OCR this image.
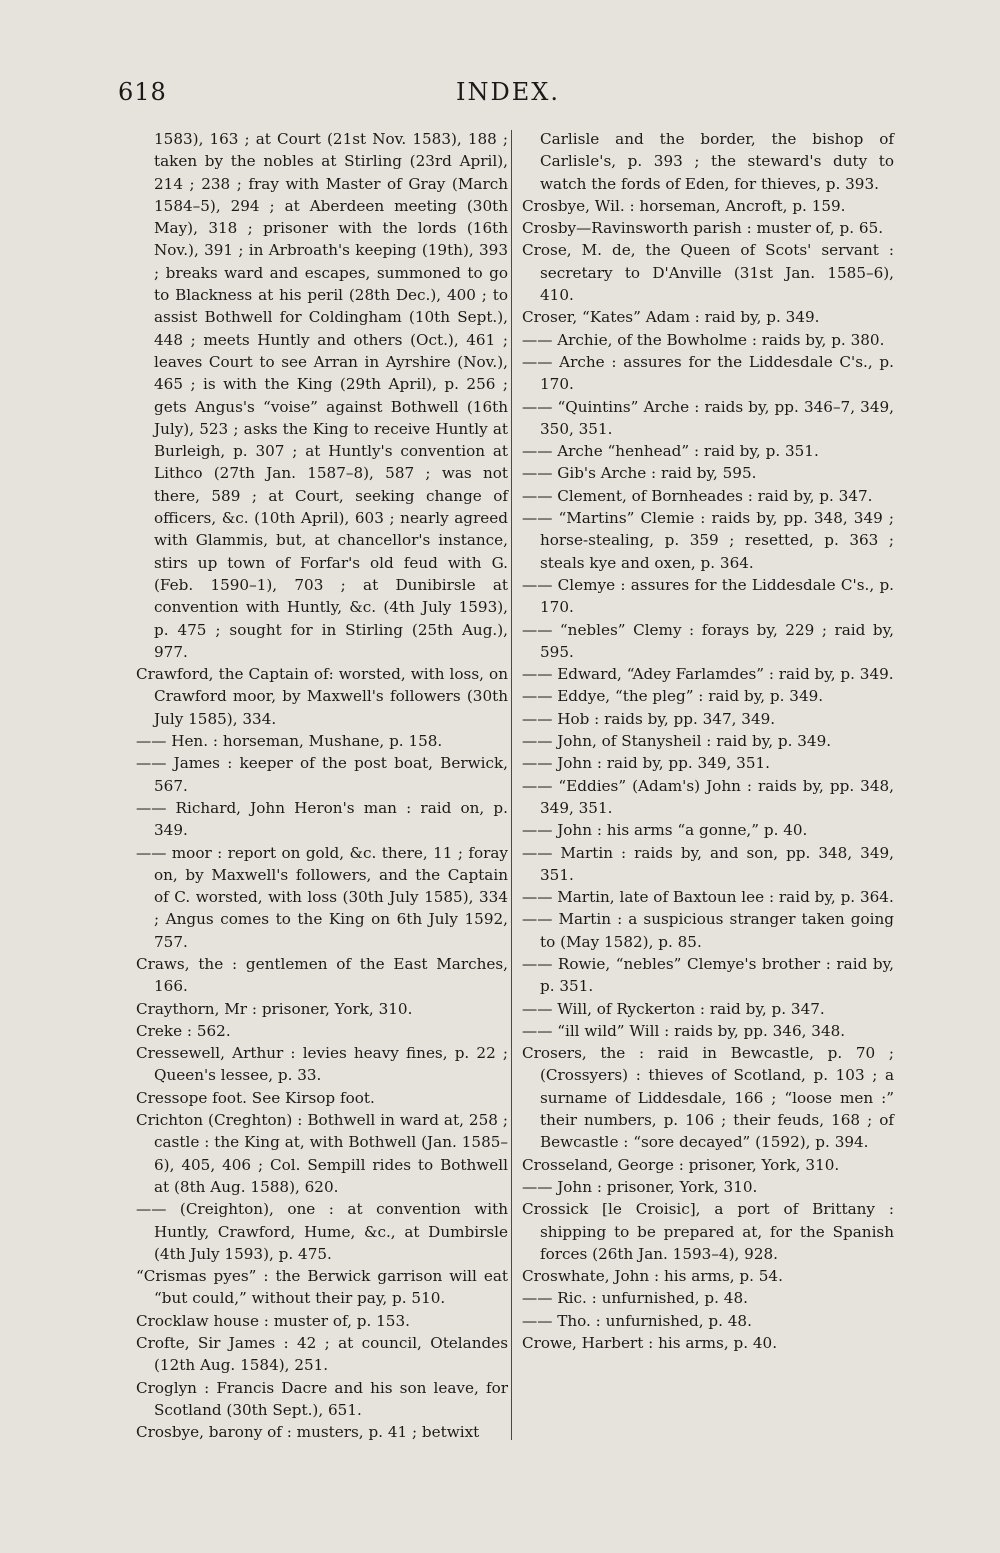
618	INDEX.

1583), 163 ; at Court (21st Nov. 1583), 188 ; taken by the nobles at Stirling (23rd April), 214 ; 238 ; fray with Master of Gray (March 1584–5), 294 ; at Aberdeen meeting (30th May), 318 ; prisoner with the lords (16th Nov.), 391 ; in Arbroath's keeping (19th), 393 ; breaks ward and escapes, summoned to go to Blackness at his peril (28th Dec.), 400 ; to assist Bothwell for Coldingham (10th Sept.), 448 ; meets Huntly and others (Oct.), 461 ; leaves Court to see Arran in Ayrshire (Nov.), 465 ; is with the King (29th April), p. 256 ; gets Angus's “voise” against Bothwell (16th July), 523 ; asks the King to receive Huntly at Burleigh, p. 307 ; at Huntly's convention at Lithco (27th Jan. 1587–8), 587 ; was not there, 589 ; at Court, seeking change of officers, &c. (10th April), 603 ; nearly agreed with Glammis, but, at chancellor's instance, stirs up town of Forfar's old feud with G. (Feb. 1590–1), 703 ; at Dunibirsle at convention with Huntly, &c. (4th July 1593), p. 475 ; sought for in Stirling (25th Aug.), 977.

Crawford, the Captain of: worsted, with loss, on Crawford moor, by Maxwell's followers (30th July 1585), 334.

—— Hen. : horseman, Mushane, p. 158.

—— James : keeper of the post boat, Berwick, 567.

—— Richard, John Heron's man : raid on, p. 349.

—— moor : report on gold, &c. there, 11 ; foray on, by Maxwell's followers, and the Captain of C. worsted, with loss (30th July 1585), 334 ; Angus comes to the King on 6th July 1592, 757.

Craws, the : gentlemen of the East Marches, 166.

Craythorn, Mr : prisoner, York, 310.

Creke : 562.

Cressewell, Arthur : levies heavy fines, p. 22 ; Queen's lessee, p. 33.

Cressope foot. See Kirsop foot.

Crichton (Creghton) : Bothwell in ward at, 258 ; castle : the King at, with Bothwell (Jan. 1585–6), 405, 406 ; Col. Sempill rides to Bothwell at (8th Aug. 1588), 620.

—— (Creighton), one : at convention with Huntly, Crawford, Hume, &c., at Dumbirsle (4th July 1593), p. 475.

“Crismas pyes” : the Berwick garrison will eat “but could,” without their pay, p. 510.

Crocklaw house : muster of, p. 153.

Crofte, Sir James : 42 ; at council, Otelandes (12th Aug. 1584), 251.

Croglyn : Francis Dacre and his son leave, for Scotland (30th Sept.), 651.

Crosbye, barony of : musters, p. 41 ; betwixt

Carlisle and the border, the bishop of Carlisle's, p. 393 ; the steward's duty to watch the fords of Eden, for thieves, p. 393.

Crosbye, Wil. : horseman, Ancroft, p. 159.

Crosby—Ravinsworth parish : muster of, p. 65.

Crose, M. de, the Queen of Scots' servant : secretary to D'Anville (31st Jan. 1585–6), 410.

Croser, “Kates” Adam : raid by, p. 349.

—— Archie, of the Bowholme : raids by, p. 380.

—— Arche : assures for the Liddesdale C's., p. 170.

—— “Quintins” Arche : raids by, pp. 346–7, 349, 350, 351.

—— Arche “henhead” : raid by, p. 351.

—— Gib's Arche : raid by, 595.

—— Clement, of Bornheades : raid by, p. 347.

—— “Martins” Clemie : raids by, pp. 348, 349 ; horse-stealing, p. 359 ; resetted, p. 363 ; steals kye and oxen, p. 364.

—— Clemye : assures for the Liddesdale C's., p. 170.

—— “nebles” Clemy : forays by, 229 ; raid by, 595.

—— Edward, “Adey Farlamdes” : raid by, p. 349.

—— Eddye, “the pleg” : raid by, p. 349.

—— Hob : raids by, pp. 347, 349.

—— John, of Stanysheil : raid by, p. 349.

—— John : raid by, pp. 349, 351.

—— “Eddies” (Adam's) John : raids by, pp. 348, 349, 351.

—— John : his arms “a gonne,” p. 40.

—— Martin : raids by, and son, pp. 348, 349, 351.

—— Martin, late of Baxtoun lee : raid by, p. 364.

—— Martin : a suspicious stranger taken going to (May 1582), p. 85.

—— Rowie, “nebles” Clemye's brother : raid by, p. 351.

—— Will, of Ryckerton : raid by, p. 347.

—— “ill wild” Will : raids by, pp. 346, 348.

Crosers, the : raid in Bewcastle, p. 70 ; (Crossyers) : thieves of Scotland, p. 103 ; a surname of Liddesdale, 166 ; “loose men :” their numbers, p. 106 ; their feuds, 168 ; of Bewcastle : “sore decayed” (1592), p. 394.

Crosseland, George : prisoner, York, 310.

—— John : prisoner, York, 310.

Crossick [le Croisic], a port of Brittany : shipping to be prepared at, for the Spanish forces (26th Jan. 1593–4), 928.

Croswhate, John : his arms, p. 54.

—— Ric. : unfurnished, p. 48.

—— Tho. : unfurnished, p. 48.

Crowe, Harbert : his arms, p. 40.
